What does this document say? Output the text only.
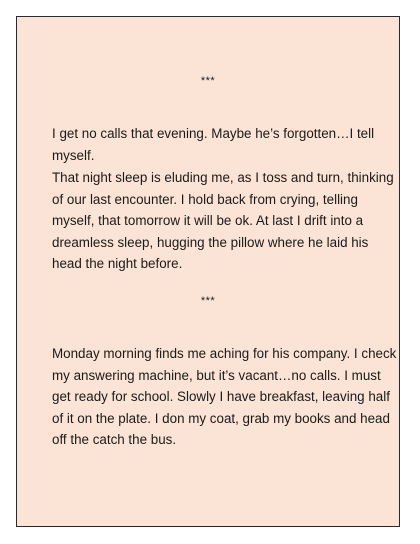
***

I get no calls that evening. Maybe he’s forgotten…I tell myself.

That night sleep is eluding me, as I toss and turn, thinking of our last encounter. I hold back from crying, telling myself, that tomorrow it will be ok. At last I drift into a dreamless sleep, hugging the pillow where he laid his head the night before.

***

Monday morning finds me aching for his company. I check my answering machine, but it’s vacant…no calls. I must get ready for school. Slowly I have breakfast, leaving half of it on the plate. I don my coat, grab my books and head off the catch the bus.
